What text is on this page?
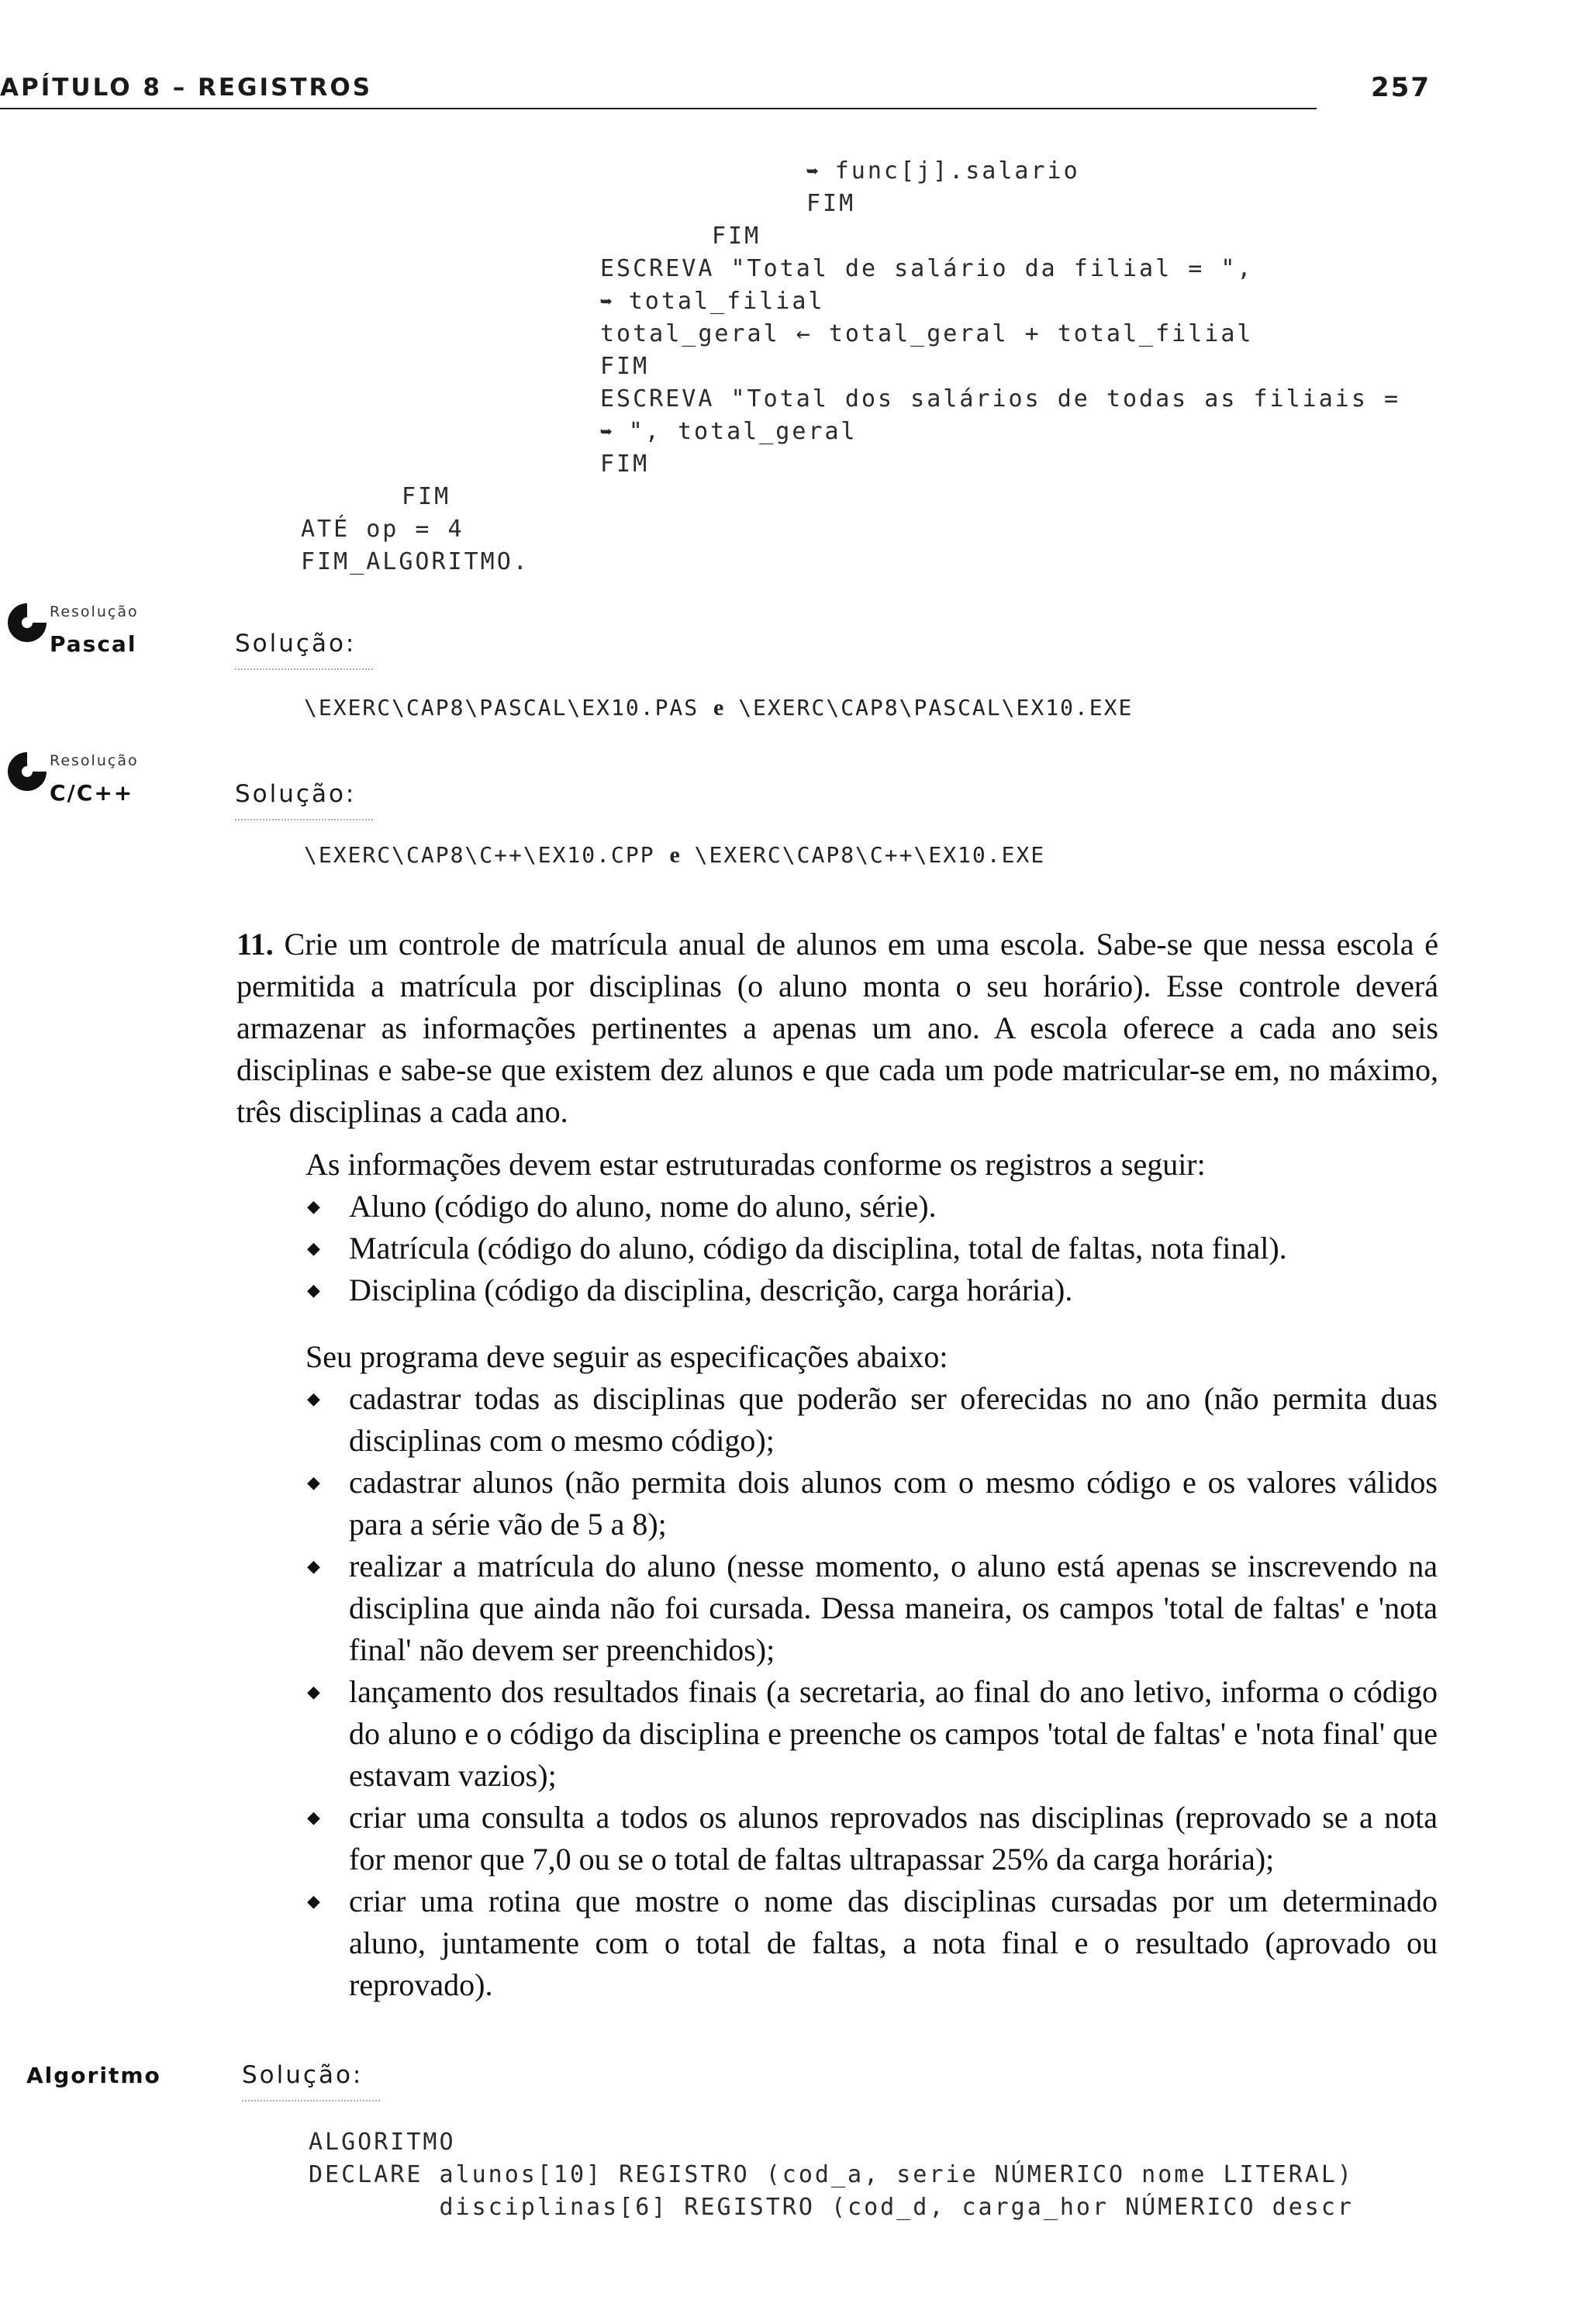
APÍTULO 8 – REGISTROS	257
➥ func[j].salario
FIM
FIM
ESCREVA "Total de salário da filial = ",
➥ total_filial
total_geral ← total_geral + total_filial
FIM
ESCREVA "Total dos salários de todas as filiais =
➥ ", total_geral
FIM
FIM
ATÉ op = 4
FIM_ALGORITMO.
Resolução
Pascal	Solução:
\EXERC\CAP8\PASCAL\EX10.PAS e \EXERC\CAP8\PASCAL\EX10.EXE
Resolução
C/C++	Solução:
\EXERC\CAP8\C++\EX10.CPP e \EXERC\CAP8\C++\EX10.EXE
11. Crie um controle de matrícula anual de alunos em uma escola. Sabe-se que nessa escola é permitida a matrícula por disciplinas (o aluno monta o seu horário). Esse controle deverá armazenar as informações pertinentes a apenas um ano. A escola oferece a cada ano seis disciplinas e sabe-se que existem dez alunos e que cada um pode matricular-se em, no máximo, três disciplinas a cada ano.
As informações devem estar estruturadas conforme os registros a seguir:
◆ Aluno (código do aluno, nome do aluno, série).
◆ Matrícula (código do aluno, código da disciplina, total de faltas, nota final).
◆ Disciplina (código da disciplina, descrição, carga horária).
Seu programa deve seguir as especificações abaixo:
◆ cadastrar todas as disciplinas que poderão ser oferecidas no ano (não permita duas disciplinas com o mesmo código);
◆ cadastrar alunos (não permita dois alunos com o mesmo código e os valores válidos para a série vão de 5 a 8);
◆ realizar a matrícula do aluno (nesse momento, o aluno está apenas se inscrevendo na disciplina que ainda não foi cursada. Dessa maneira, os campos 'total de faltas' e 'nota final' não devem ser preenchidos);
◆ lançamento dos resultados finais (a secretaria, ao final do ano letivo, informa o código do aluno e o código da disciplina e preenche os campos 'total de faltas' e 'nota final' que estavam vazios);
◆ criar uma consulta a todos os alunos reprovados nas disciplinas (reprovado se a nota for menor que 7,0 ou se o total de faltas ultrapassar 25% da carga horária);
◆ criar uma rotina que mostre o nome das disciplinas cursadas por um determinado aluno, juntamente com o total de faltas, a nota final e o resultado (aprovado ou reprovado).
Algoritmo	Solução:
ALGORITMO
DECLARE alunos[10] REGISTRO (cod_a, serie NÚMERICO nome LITERAL)
disciplinas[6] REGISTRO (cod_d, carga_hor NÚMERICO descr
